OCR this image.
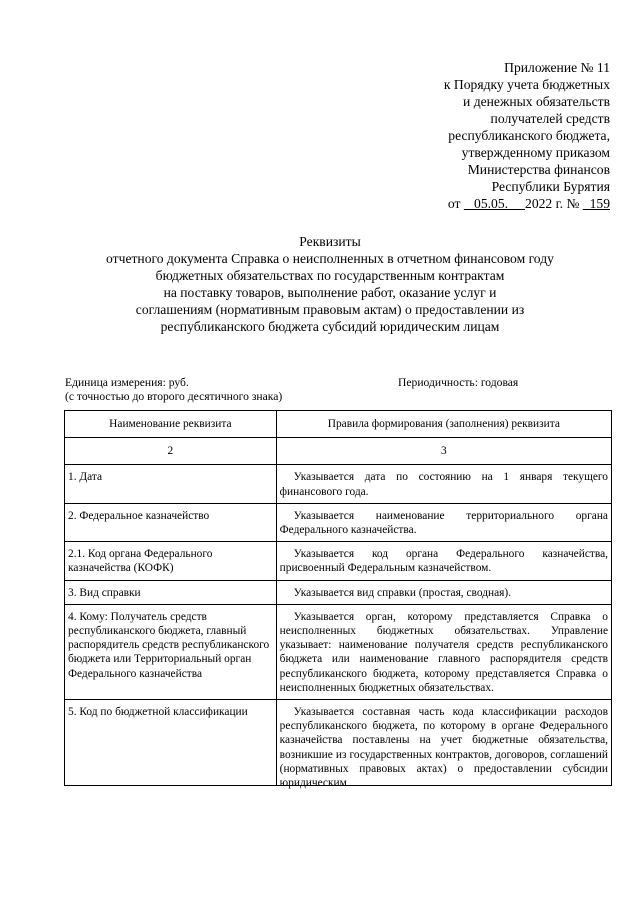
Приложение № 11
к Порядку учета бюджетных
и денежных обязательств
получателей средств
республиканского бюджета,
утвержденному приказом
Министерства финансов
Республики Бурятия
от    05.05. 2022 г. №   159
Реквизиты
отчетного документа Справка о неисполненных в отчетном финансовом году
бюджетных обязательствах по государственным контрактам
на поставку товаров, выполнение работ, оказание услуг и
соглашениям (нормативным правовым актам) о предоставлении из
республиканского бюджета субсидий юридическим лицам
Единица измерения: руб.
(с точностью до второго десятичного знака)
Периодичность: годовая
Наименование реквизита	Правила формирования (заполнения) реквизита
2	3
1. Дата	Указывается дата по состоянию на 1 января текущего финансового года.
2. Федеральное казначейство	Указывается наименование территориального органа Федерального казначейства.
2.1. Код органа Федерального казначейства (КОФК)	Указывается код органа Федерального казначейства, присвоенный Федеральным казначейством.
3. Вид справки	Указывается вид справки (простая, сводная).
4. Кому: Получатель средств республиканского бюджета, главный распорядитель средств республиканского бюджета или Территориальный орган Федерального казначейства	Указывается орган, которому представляется Справка о неисполненных бюджетных обязательствах. Управление указывает: наименование получателя средств республиканского бюджета или наименование главного распорядителя средств республиканского бюджета, которому представляется Справка о неисполненных бюджетных обязательствах.
5. Код по бюджетной классификации	Указывается составная часть кода классификации расходов республиканского бюджета, по которому в органе Федерального казначейства поставлены на учет бюджетные обязательства, возникшие из государственных контрактов, договоров, соглашений (нормативных правовых актах) о предоставлении субсидии юридическим
